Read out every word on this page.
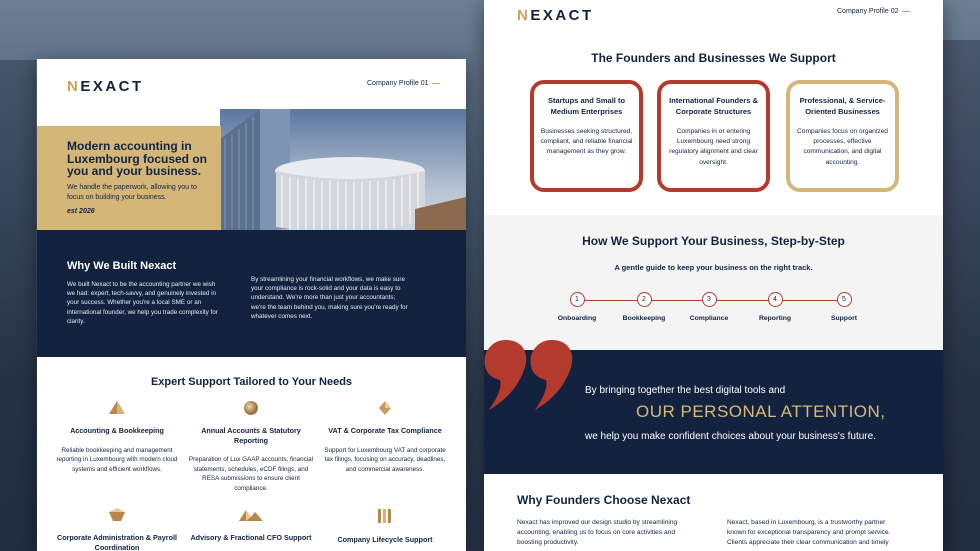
NEXACT	Company Profile 01
Modern accounting in Luxembourg focused on you and your business.
We handle the paperwork, allowing you to focus on building your business.
est 2026
Why We Built Nexact

We built Nexact to be the accounting partner we wish we had: expert, tech-savvy, and genuinely invested in your success. Whether you're a local SME or an international founder, we help you trade complexity for clarity.

By streamlining your financial workflows, we make sure your compliance is rock-solid and your data is easy to understand. We're more than just your accountants; we're the team behind you, making sure you're ready for whatever comes next.

Expert Support Tailored to Your Needs
Accounting & Bookkeeping
Reliable bookkeeping and management reporting in Luxembourg with modern cloud systems and efficient workflows.
Annual Accounts & Statutory Reporting
Preparation of Lux GAAP accounts, financial statements, schedules, eCDF filings, and RESA submissions to ensure client compliance.
VAT & Corporate Tax Compliance
Support for Luxembourg VAT and corporate tax filings, focusing on accuracy, deadlines, and commercial awareness.
Corporate Administration & Payroll Coordination
Advisory & Fractional CFO Support	Company Lifecycle Support
NEXACT	Company Profile 02
The Founders and Businesses We Support
Startups and Small to Medium Enterprises
Businesses seeking structured, compliant, and reliable financial management as they grow.
International Founders & Corporate Structures
Companies in or entering Luxembourg need strong regulatory alignment and clear oversight.
Professional, & Service-Oriented Businesses
Companies focus on organized processes, effective communication, and digital accounting.
How We Support Your Business, Step-by-Step
A gentle guide to keep your business on the right track.
1
Onboarding
2
Bookkeeping
3
Compliance
4
Reporting
5
Support
By bringing together the best digital tools and
OUR PERSONAL ATTENTION,
we help you make confident choices about your business's future.
Why Founders Choose Nexact

Nexact has improved our design studio by streamlining accounting, enabling us to focus on core activities and boosting productivity.

Nexact, based in Luxembourg, is a trustworthy partner known for exceptional transparency and prompt service. Clients appreciate their clear communication and timely
